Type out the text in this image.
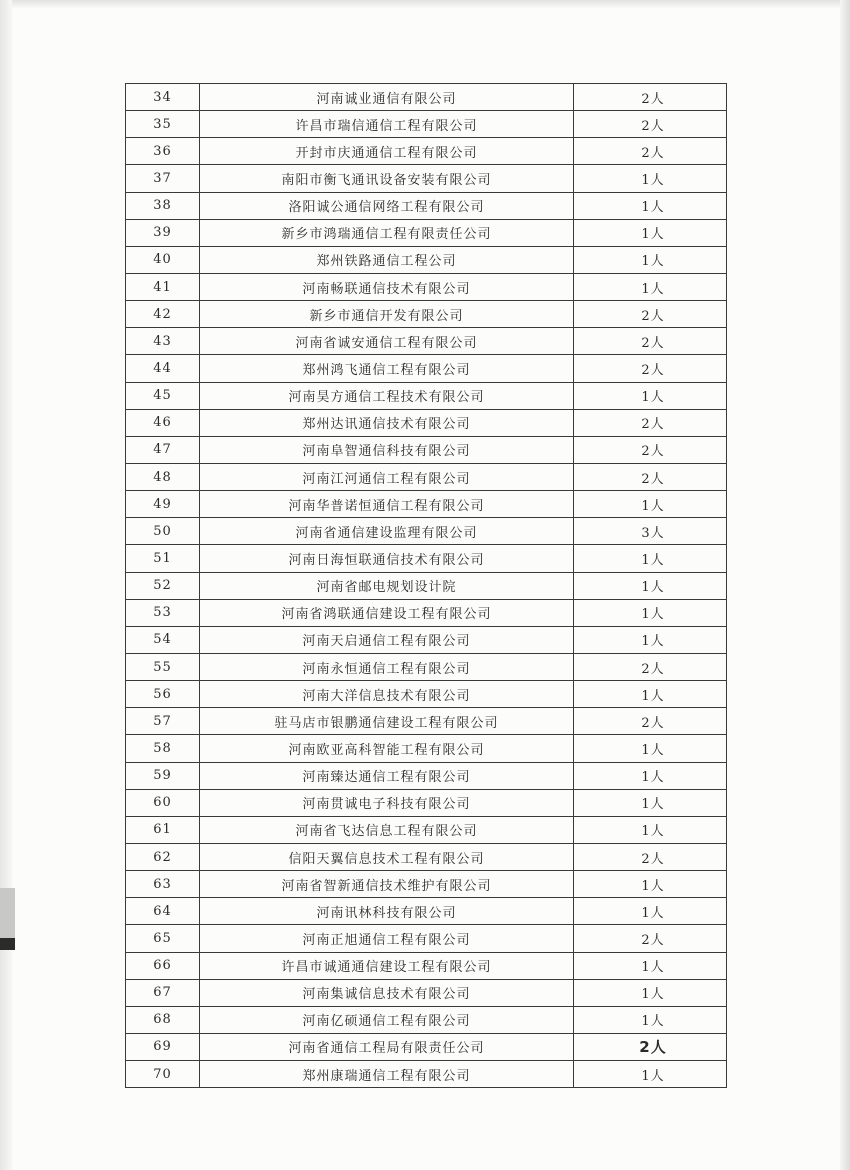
34	河南诚业通信有限公司	2人
35	许昌市瑞信通信工程有限公司	2人
36	开封市庆通通信工程有限公司	2人
37	南阳市衡飞通讯设备安装有限公司	1人
38	洛阳诚公通信网络工程有限公司	1人
39	新乡市鸿瑞通信工程有限责任公司	1人
40	郑州铁路通信工程公司	1人
41	河南畅联通信技术有限公司	1人
42	新乡市通信开发有限公司	2人
43	河南省诚安通信工程有限公司	2人
44	郑州鸿飞通信工程有限公司	2人
45	河南昊方通信工程技术有限公司	1人
46	郑州达讯通信技术有限公司	2人
47	河南阜智通信科技有限公司	2人
48	河南江河通信工程有限公司	2人
49	河南华普诺恒通信工程有限公司	1人
50	河南省通信建设监理有限公司	3人
51	河南日海恒联通信技术有限公司	1人
52	河南省邮电规划设计院	1人
53	河南省鸿联通信建设工程有限公司	1人
54	河南天启通信工程有限公司	1人
55	河南永恒通信工程有限公司	2人
56	河南大洋信息技术有限公司	1人
57	驻马店市银鹏通信建设工程有限公司	2人
58	河南欧亚高科智能工程有限公司	1人
59	河南臻达通信工程有限公司	1人
60	河南贯诚电子科技有限公司	1人
61	河南省飞达信息工程有限公司	1人
62	信阳天翼信息技术工程有限公司	2人
63	河南省智新通信技术维护有限公司	1人
64	河南讯林科技有限公司	1人
65	河南正旭通信工程有限公司	2人
66	许昌市诚通通信建设工程有限公司	1人
67	河南集诚信息技术有限公司	1人
68	河南亿硕通信工程有限公司	1人
69	河南省通信工程局有限责任公司	2人
70	郑州康瑞通信工程有限公司	1人
